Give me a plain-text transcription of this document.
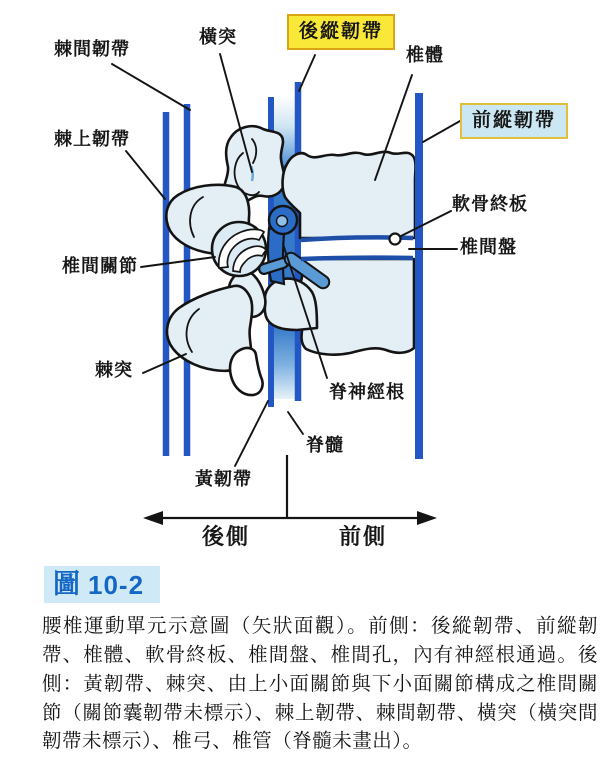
棘間韌帶
橫突	後縱韌帶
椎體
棘上韌帶
前縱韌帶
軟骨終板
椎間盤
椎間關節
棘突
脊神經根
脊髓
黃韌帶
後側	前側
圖 10-2
腰椎運動單元示意圖（矢狀面觀）。前側：後縱韌帶、前縱韌帶、椎體、軟骨終板、椎間盤、椎間孔，內有神經根通過。後側：黃韌帶、棘突、由上小面關節與下小面關節構成之椎間關節（關節囊韌帶未標示）、棘上韌帶、棘間韌帶、橫突（橫突間韌帶未標示）、椎弓、椎管（脊髓未畫出）。
